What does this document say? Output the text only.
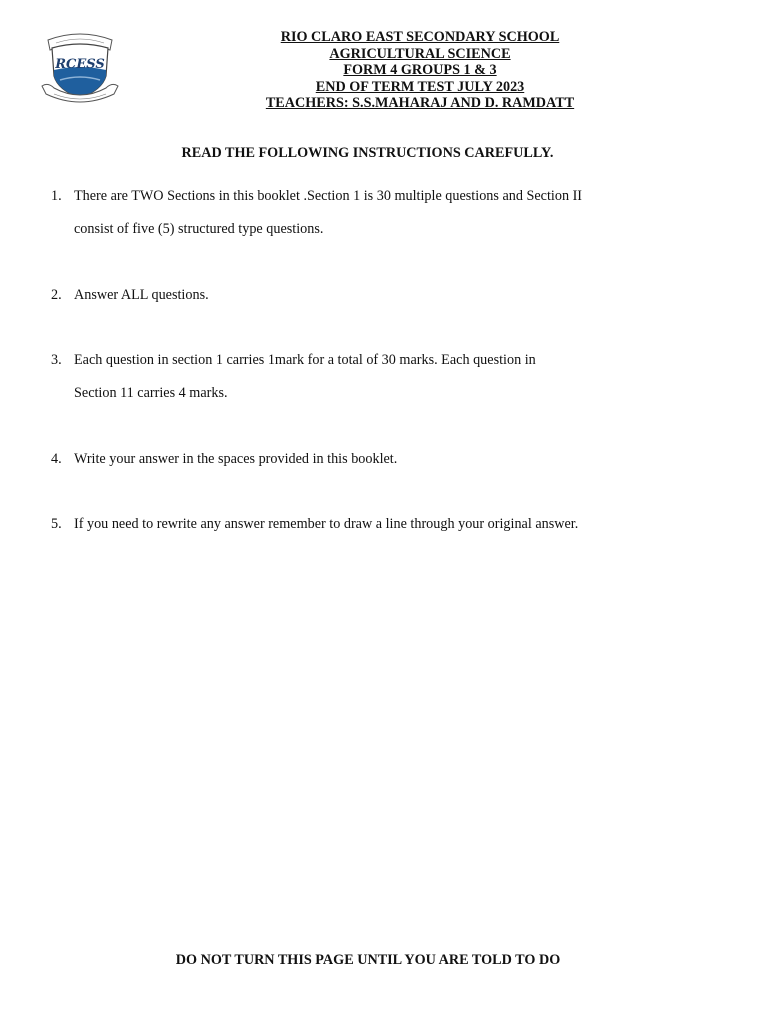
RCESS
RIO CLARO EAST SECONDARY SCHOOL
AGRICULTURAL SCIENCE
FORM 4 GROUPS 1 & 3
END OF TERM TEST JULY 2023
TEACHERS: S.S.MAHARAJ AND D. RAMDATT
READ THE FOLLOWING INSTRUCTIONS CAREFULLY.
1. There are TWO Sections in this booklet .Section 1 is 30 multiple questions and Section II
consist of five (5) structured type questions.
2. Answer ALL questions.
3. Each question in section 1 carries 1mark for a total of 30 marks. Each question in
Section 11 carries 4 marks.
4. Write your answer in the spaces provided in this booklet.
5. If you need to rewrite any answer remember to draw a line through your original answer.
DO NOT TURN THIS PAGE UNTIL YOU ARE TOLD TO DO
